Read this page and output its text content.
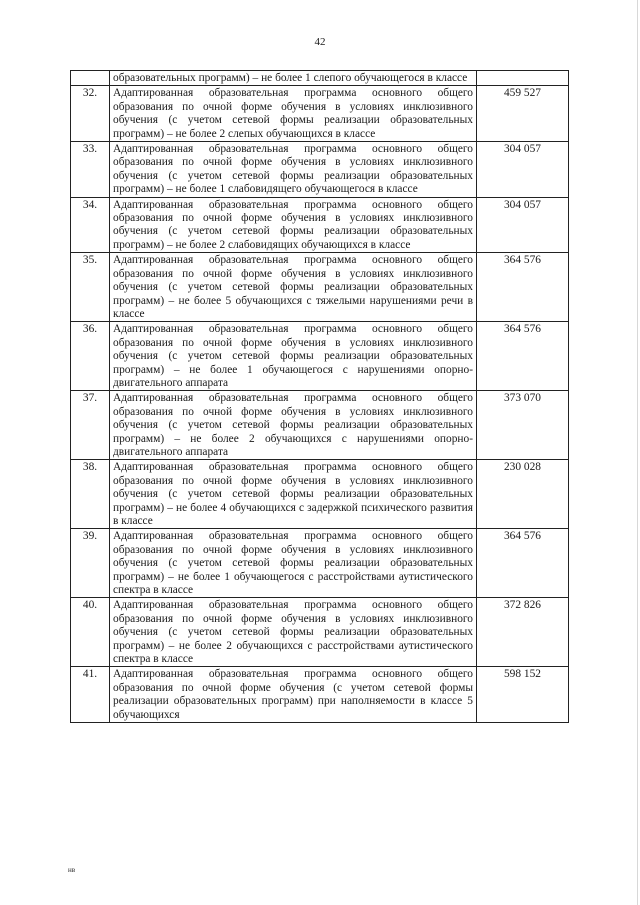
42
	образовательных программ) – не более 1 слепого обучающегося в классе	
32.	Адаптированная образовательная программа основного общего образования по очной форме обучения в условиях инклюзивного обучения (с учетом сетевой формы реализации образовательных программ) – не более 2 слепых обучающихся в классе	459 527
33.	Адаптированная образовательная программа основного общего образования по очной форме обучения в условиях инклюзивного обучения (с учетом сетевой формы реализации образовательных программ) – не более 1 слабовидящего обучающегося в классе	304 057
34.	Адаптированная образовательная программа основного общего образования по очной форме обучения в условиях инклюзивного обучения (с учетом сетевой формы реализации образовательных программ) – не более 2 слабовидящих обучающихся в классе	304 057
35.	Адаптированная образовательная программа основного общего образования по очной форме обучения в условиях инклюзивного обучения (с учетом сетевой формы реализации образовательных программ) – не более 5 обучающихся с тяжелыми нарушениями речи в классе	364 576
36.	Адаптированная образовательная программа основного общего образования по очной форме обучения в условиях инклюзивного обучения (с учетом сетевой формы реализации образовательных программ) – не более 1 обучающегося с нарушениями опорно-двигательного аппарата	364 576
37.	Адаптированная образовательная программа основного общего образования по очной форме обучения в условиях инклюзивного обучения (с учетом сетевой формы реализации образовательных программ) – не более 2 обучающихся с нарушениями опорно-двигательного аппарата	373 070
38.	Адаптированная образовательная программа основного общего образования по очной форме обучения в условиях инклюзивного обучения (с учетом сетевой формы реализации образовательных программ) – не более 4 обучающихся с задержкой психического развития в классе	230 028
39.	Адаптированная образовательная программа основного общего образования по очной форме обучения в условиях инклюзивного обучения (с учетом сетевой формы реализации образовательных программ) – не более 1 обучающегося с расстройствами аутистического спектра в классе	364 576
40.	Адаптированная образовательная программа основного общего образования по очной форме обучения в условиях инклюзивного обучения (с учетом сетевой формы реализации образовательных программ) – не более 2 обучающихся с расстройствами аутистического спектра в классе	372 826
41.	Адаптированная образовательная программа основного общего образования по очной форме обучения (с учетом сетевой формы реализации образовательных программ) при наполняемости в классе 5 обучающихся	598 152
нв
